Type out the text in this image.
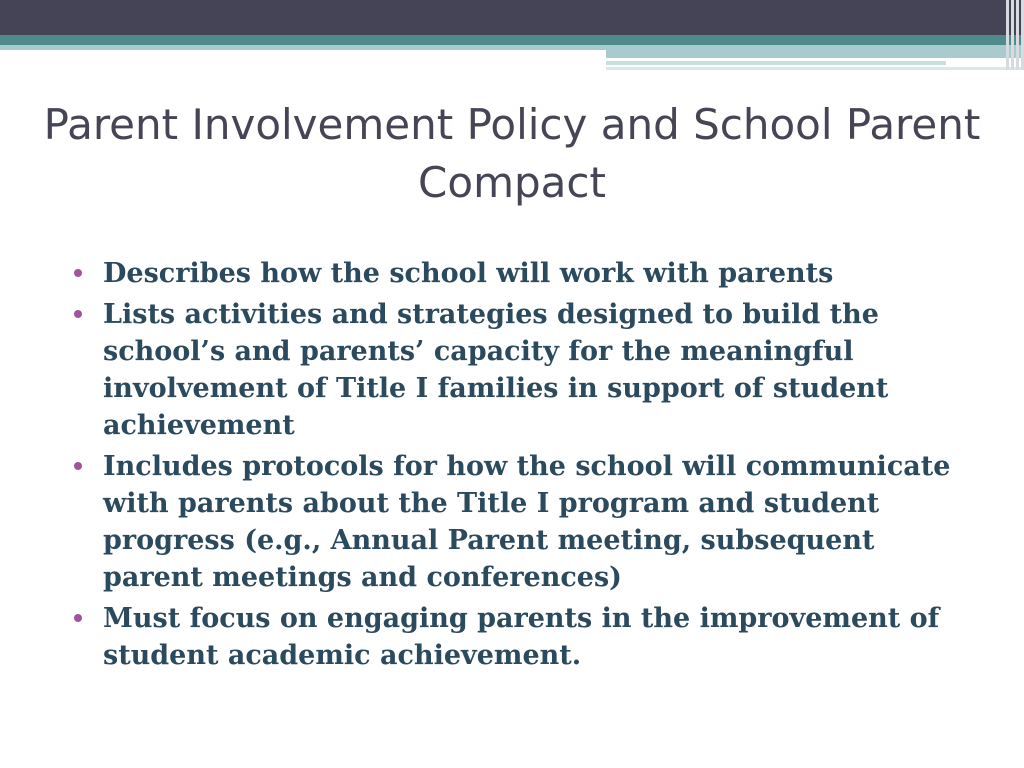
Parent Involvement Policy and School Parent Compact
Describes how the school will work with parents
Lists activities and strategies designed to build the school’s and parents’ capacity for the meaningful involvement of Title I families in support of student achievement
Includes protocols for how the school will communicate with parents about the Title I program and student progress (e.g., Annual Parent meeting, subsequent parent meetings and conferences)
Must focus on engaging parents in the improvement of student academic achievement.
